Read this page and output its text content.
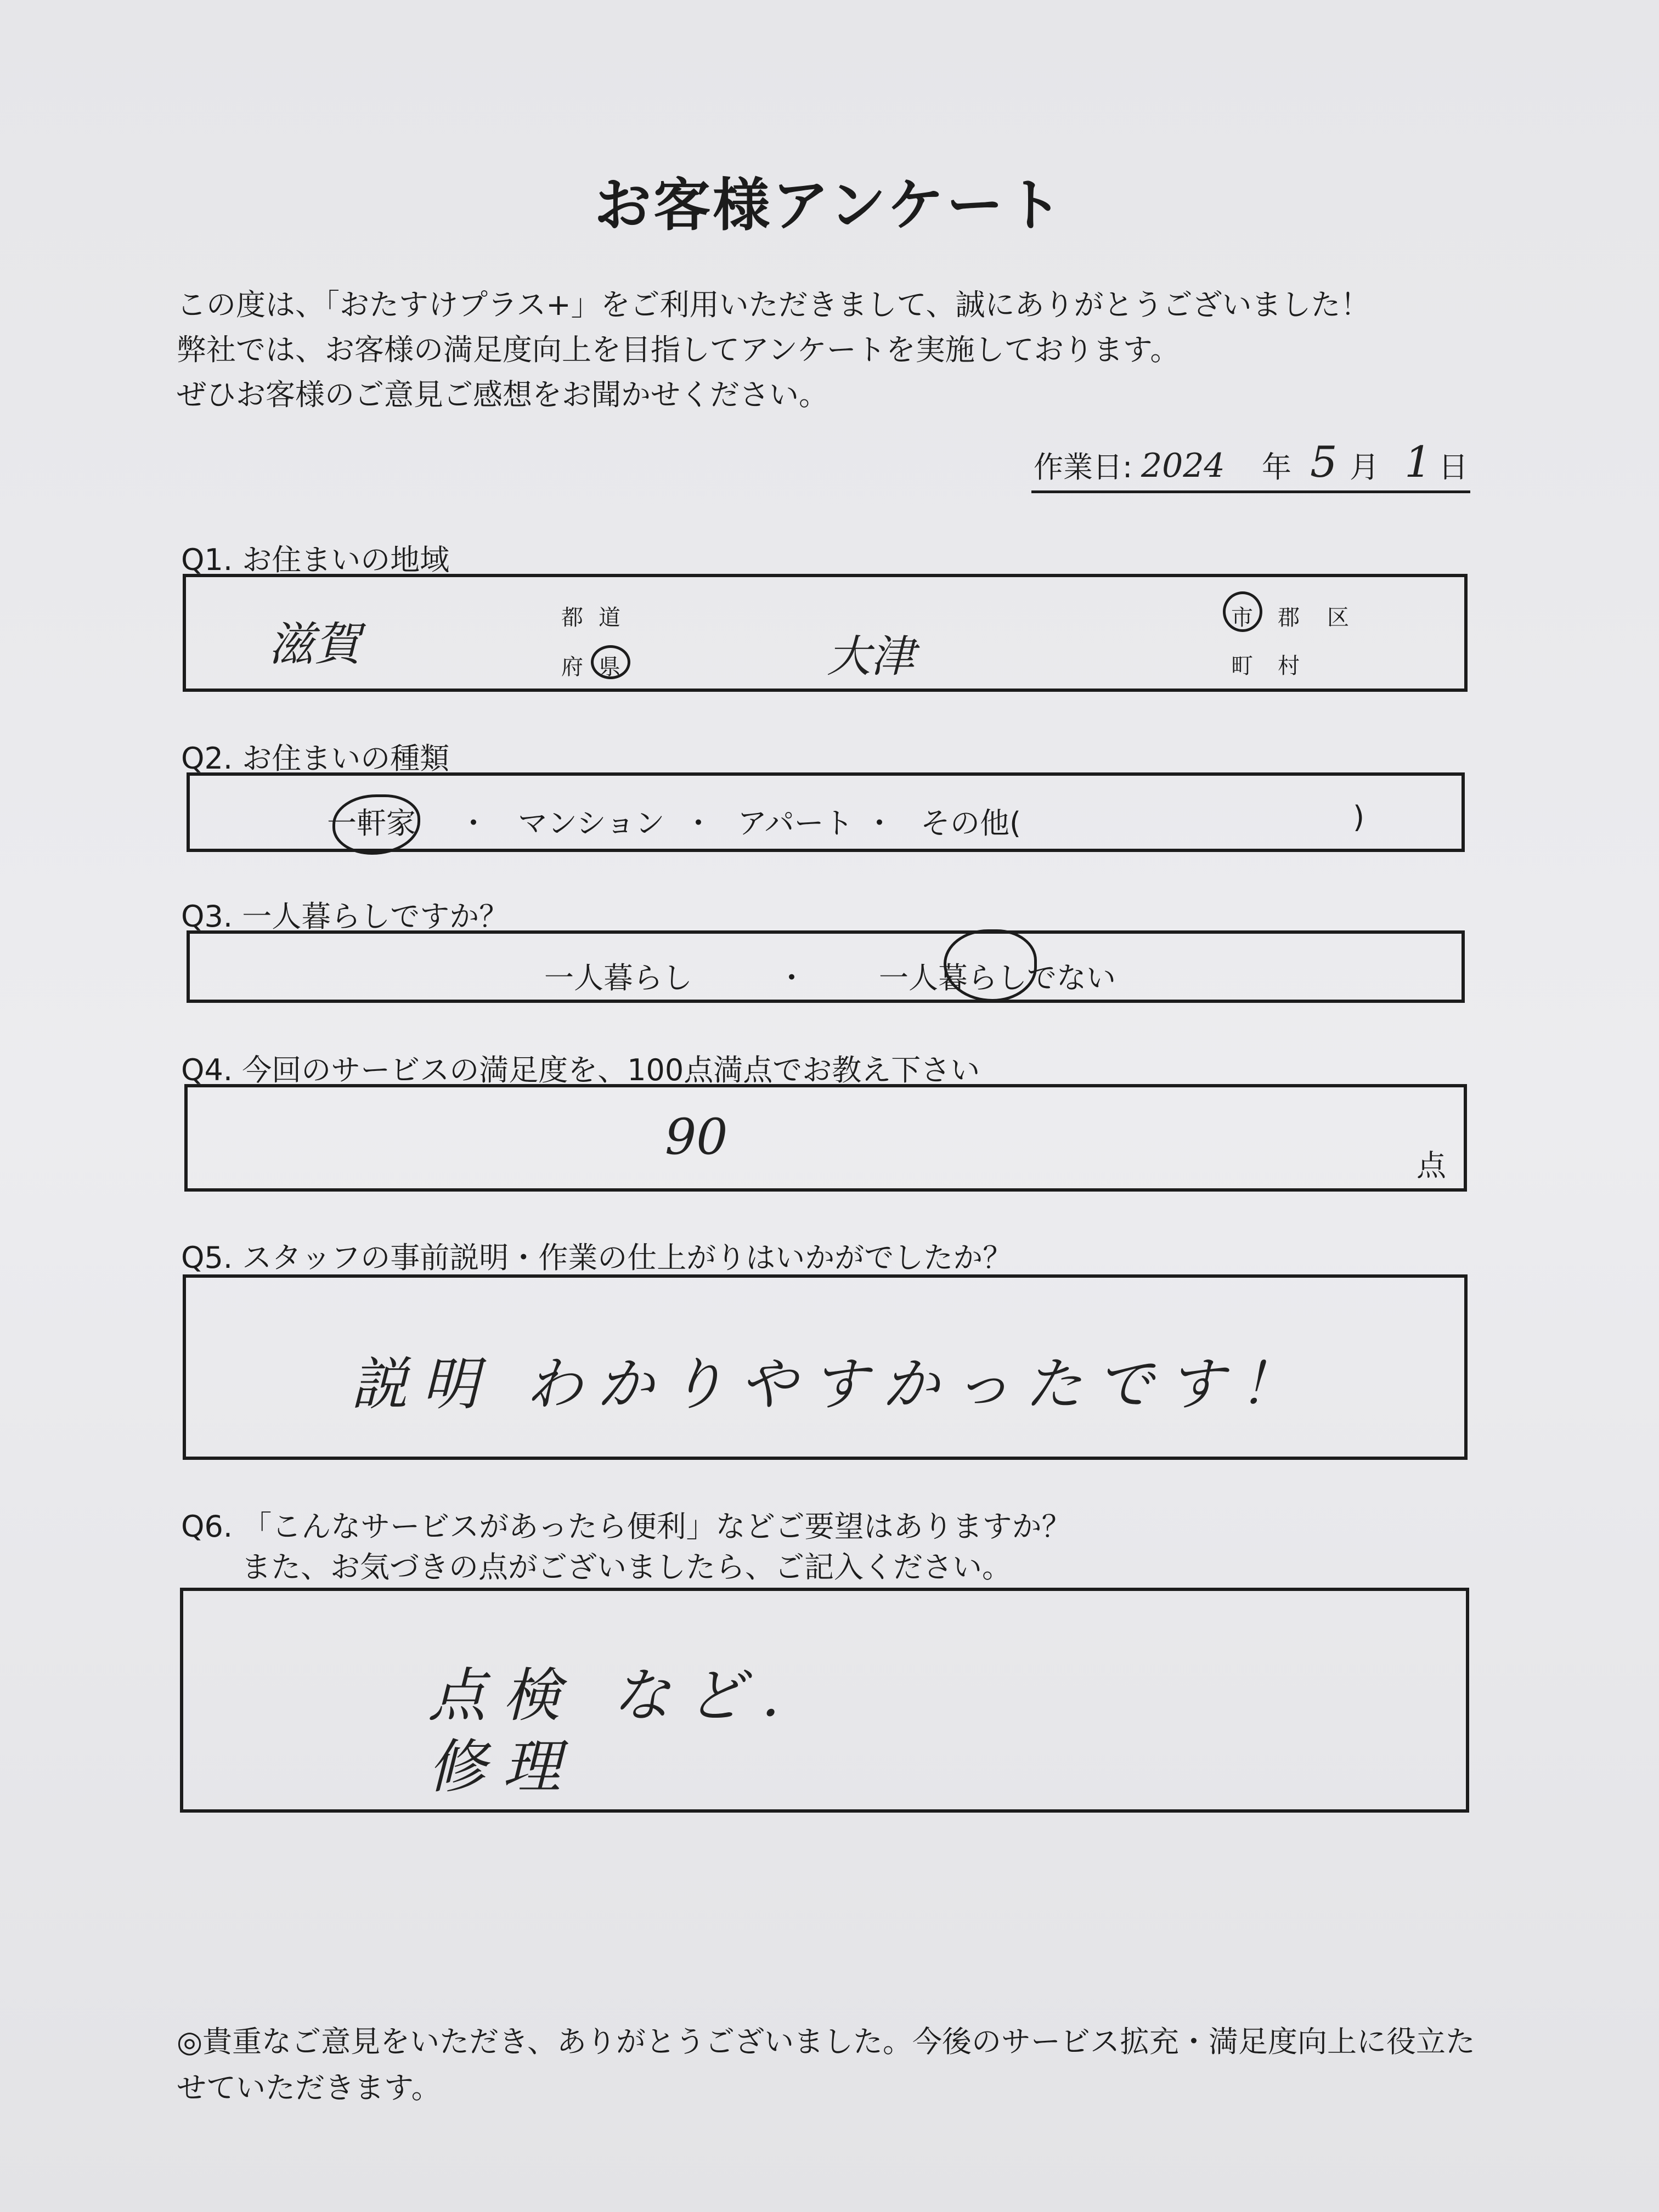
お客様アンケート
この度は、「おたすけプラス+」をご利用いただきまして、誠にありがとうございました！
弊社では、お客様の満足度向上を目指してアンケートを実施しております。
ぜひお客様のご意見ご感想をお聞かせください。
作業日: 2024 年 5 月 1 日
Q1. お住まいの地域
滋賀	都 道
府 県	大津
市 郡 区
町 村
Q2. お住まいの種類
一軒家 ・ マンション ・ アパート ・ その他(	)
Q3. 一人暮らしですか？
一人暮らし	・ 一人暮らしでない
Q4. 今回のサービスの満足度を、100点満点でお教え下さい
90	点
Q5. スタッフの事前説明・作業の仕上がりはいかがでしたか？
説明 わかりやすかったです！
Q6. 「こんなサービスがあったら便利」などご要望はありますか？
また、お気づきの点がございましたら、ご記入ください。
点検 など.
修理
◎貴重なご意見をいただき、ありがとうございました。今後のサービス拡充・満足度向上に役立たせていただきます。
